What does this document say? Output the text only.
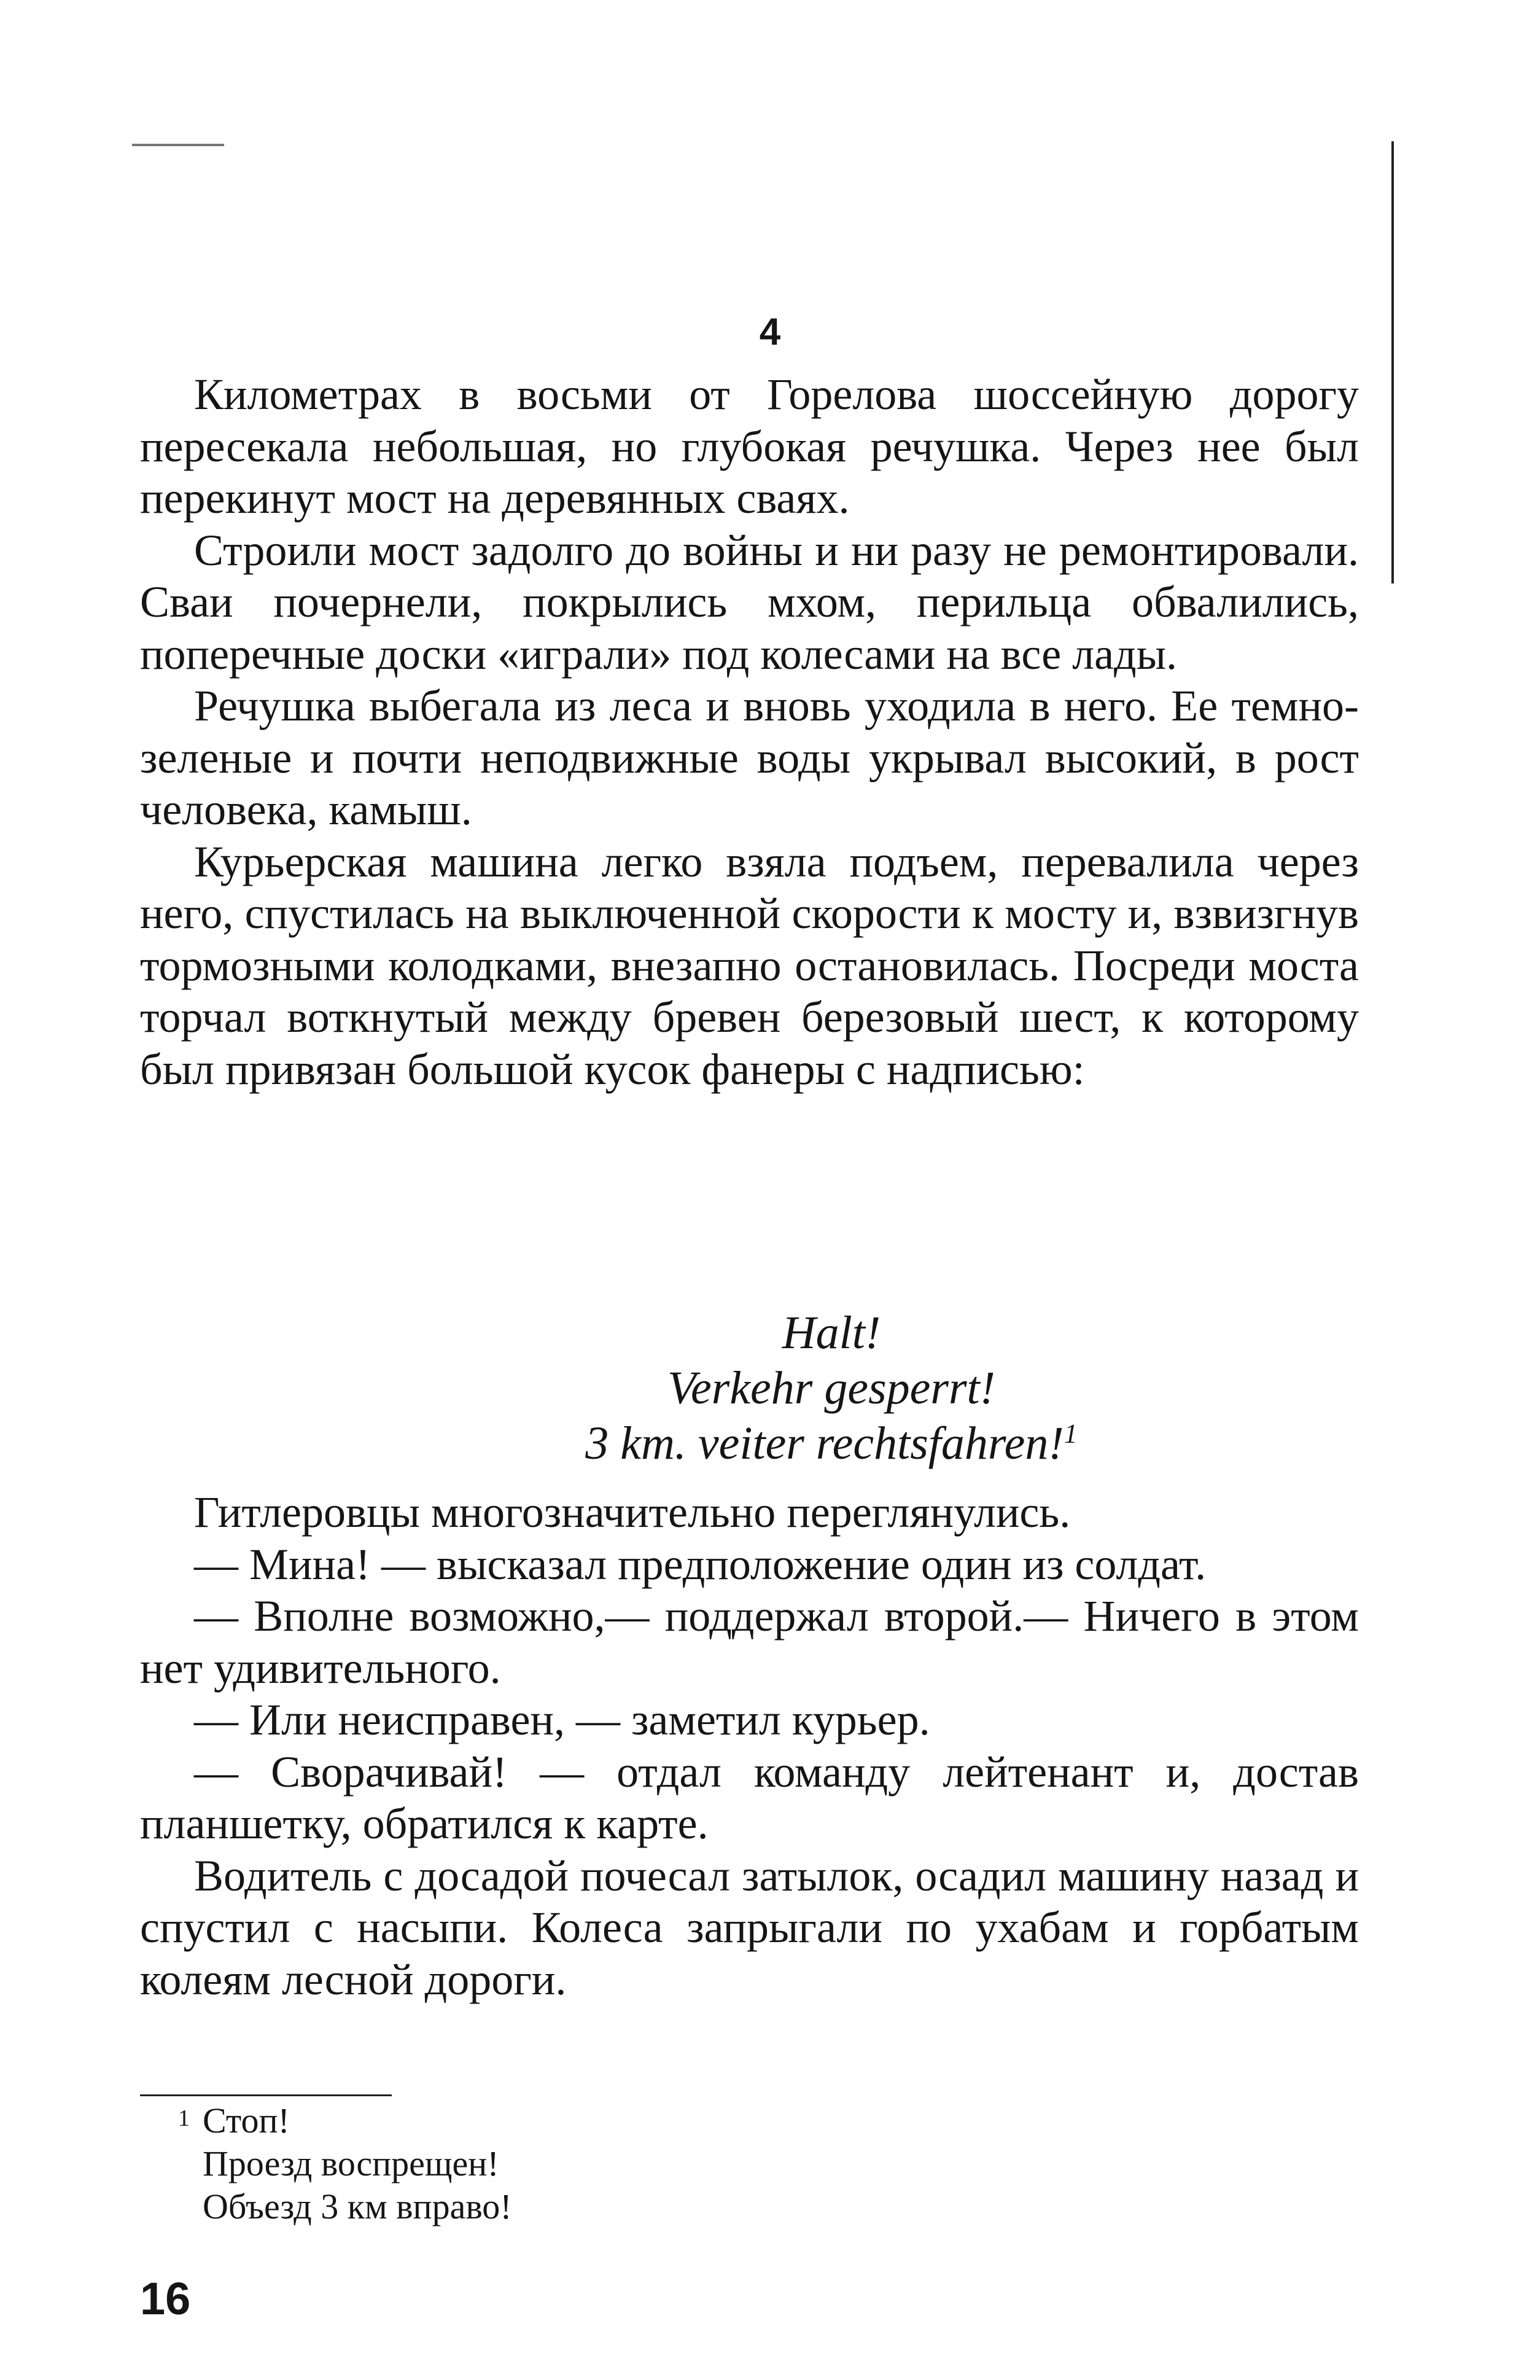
4

Километрах в восьми от Горелова шоссейную дорогу пересекала небольшая, но глубокая речушка. Через нее был перекинут мост на деревянных сваях.

Строили мост задолго до войны и ни разу не ремонтировали. Сваи почернели, покрылись мхом, перильца обвалились, поперечные доски «играли» под колесами на все лады.

Речушка выбегала из леса и вновь уходила в него. Ее темно-зеленые и почти неподвижные воды укрывал высокий, в рост человека, камыш.

Курьерская машина легко взяла подъем, перевалила через него, спустилась на выключенной скорости к мосту и, взвизгнув тормозными колодками, внезапно остановилась. Посреди моста торчал воткнутый между бревен березовый шест, к которому был привязан большой кусок фанеры с надписью:

Halt!
Verkehr gesperrt!
3 km. veiter rechtsfahren!$^1$

Гитлеровцы многозначительно переглянулись.

— Мина! — высказал предположение один из солдат.

— Вполне возможно,— поддержал второй.— Ничего в этом нет удивительного.

— Или неисправен, — заметил курьер.

— Сворачивай! — отдал команду лейтенант и, достав планшетку, обратился к карте.

Водитель с досадой почесал затылок, осадил машину назад и спустил с насыпи. Колеса запрыгали по ухабам и горбатым колеям лесной дороги.

1 Стоп!
Проезд воспрещен!
Объезд 3 км вправо!
16
